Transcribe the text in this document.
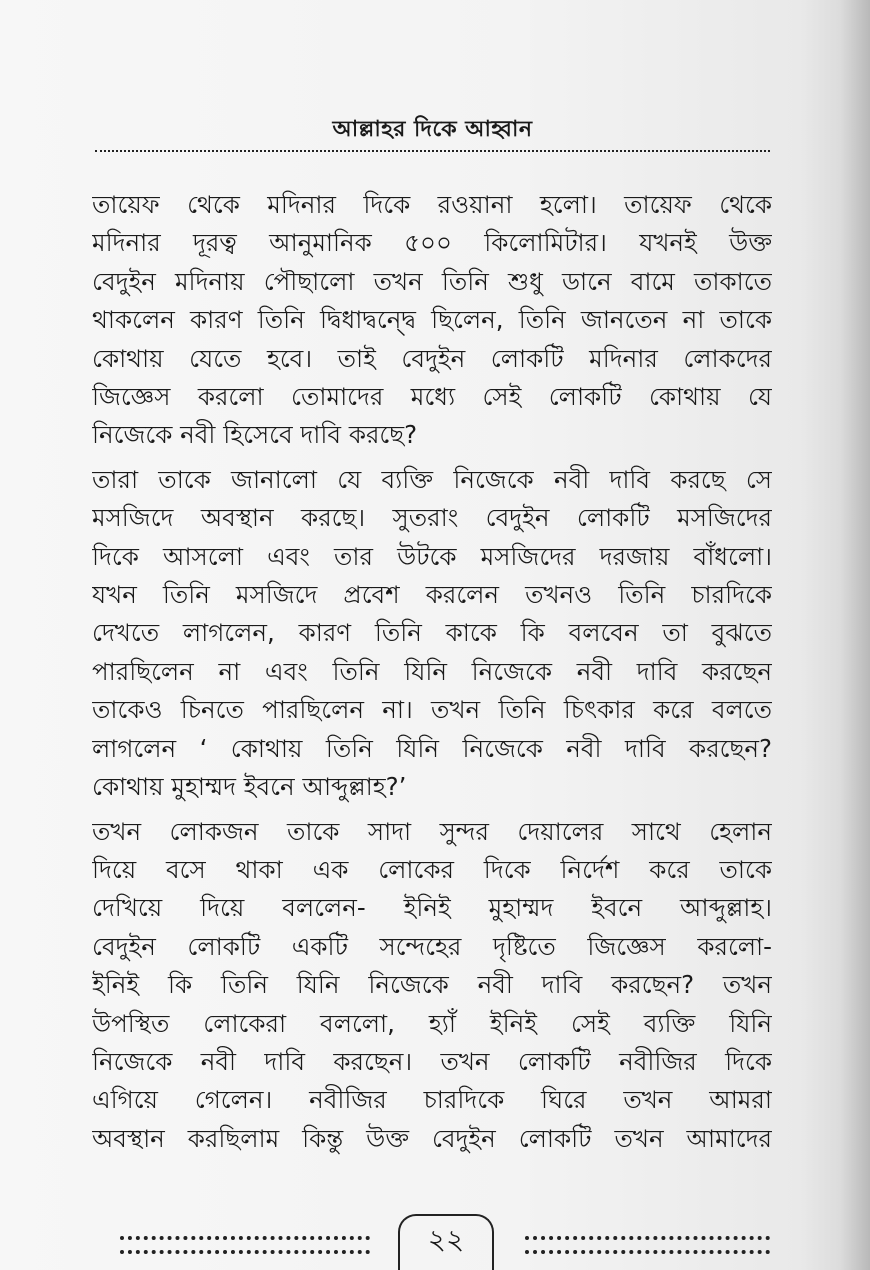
আল্লাহর দিকে আহ্বান
তায়েফ থেকে মদিনার দিকে রওয়ানা হলো। তায়েফ থেকে
মদিনার দূরত্ব আনুমানিক ৫০০ কিলোমিটার। যখনই উক্ত
বেদুইন মদিনায় পৌছালো তখন তিনি শুধু ডানে বামে তাকাতে
থাকলেন কারণ তিনি দ্বিধাদ্বন্দ্বে ছিলেন, তিনি জানতেন না তাকে
কোথায় যেতে হবে। তাই বেদুইন লোকটি মদিনার লোকদের
জিজ্ঞেস করলো তোমাদের মধ্যে সেই লোকটি কোথায় যে
নিজেকে নবী হিসেবে দাবি করছে?
তারা তাকে জানালো যে ব্যক্তি নিজেকে নবী দাবি করছে সে
মসজিদে অবস্থান করছে। সুতরাং বেদুইন লোকটি মসজিদের
দিকে আসলো এবং তার উটকে মসজিদের দরজায় বাঁধলো।
যখন তিনি মসজিদে প্রবেশ করলেন তখনও তিনি চারদিকে
দেখতে লাগলেন, কারণ তিনি কাকে কি বলবেন তা বুঝতে
পারছিলেন না এবং তিনি যিনি নিজেকে নবী দাবি করছেন
তাকেও চিনতে পারছিলেন না। তখন তিনি চিৎকার করে বলতে
লাগলেন ‘ কোথায় তিনি যিনি নিজেকে নবী দাবি করছেন?
কোথায় মুহাম্মদ ইবনে আব্দুল্লাহ?’
তখন লোকজন তাকে সাদা সুন্দর দেয়ালের সাথে হেলান
দিয়ে বসে থাকা এক লোকের দিকে নির্দেশ করে তাকে
দেখিয়ে দিয়ে বললেন- ইনিই মুহাম্মদ ইবনে আব্দুল্লাহ।
বেদুইন লোকটি একটি সন্দেহের দৃষ্টিতে জিজ্ঞেস করলো-
ইনিই কি তিনি যিনি নিজেকে নবী দাবি করছেন? তখন
উপস্থিত লোকেরা বললো, হ্যাঁ ইনিই সেই ব্যক্তি যিনি
নিজেকে নবী দাবি করছেন। তখন লোকটি নবীজির দিকে
এগিয়ে গেলেন। নবীজির চারদিকে ঘিরে তখন আমরা
অবস্থান করছিলাম কিন্তু উক্ত বেদুইন লোকটি তখন আমাদের
২২
